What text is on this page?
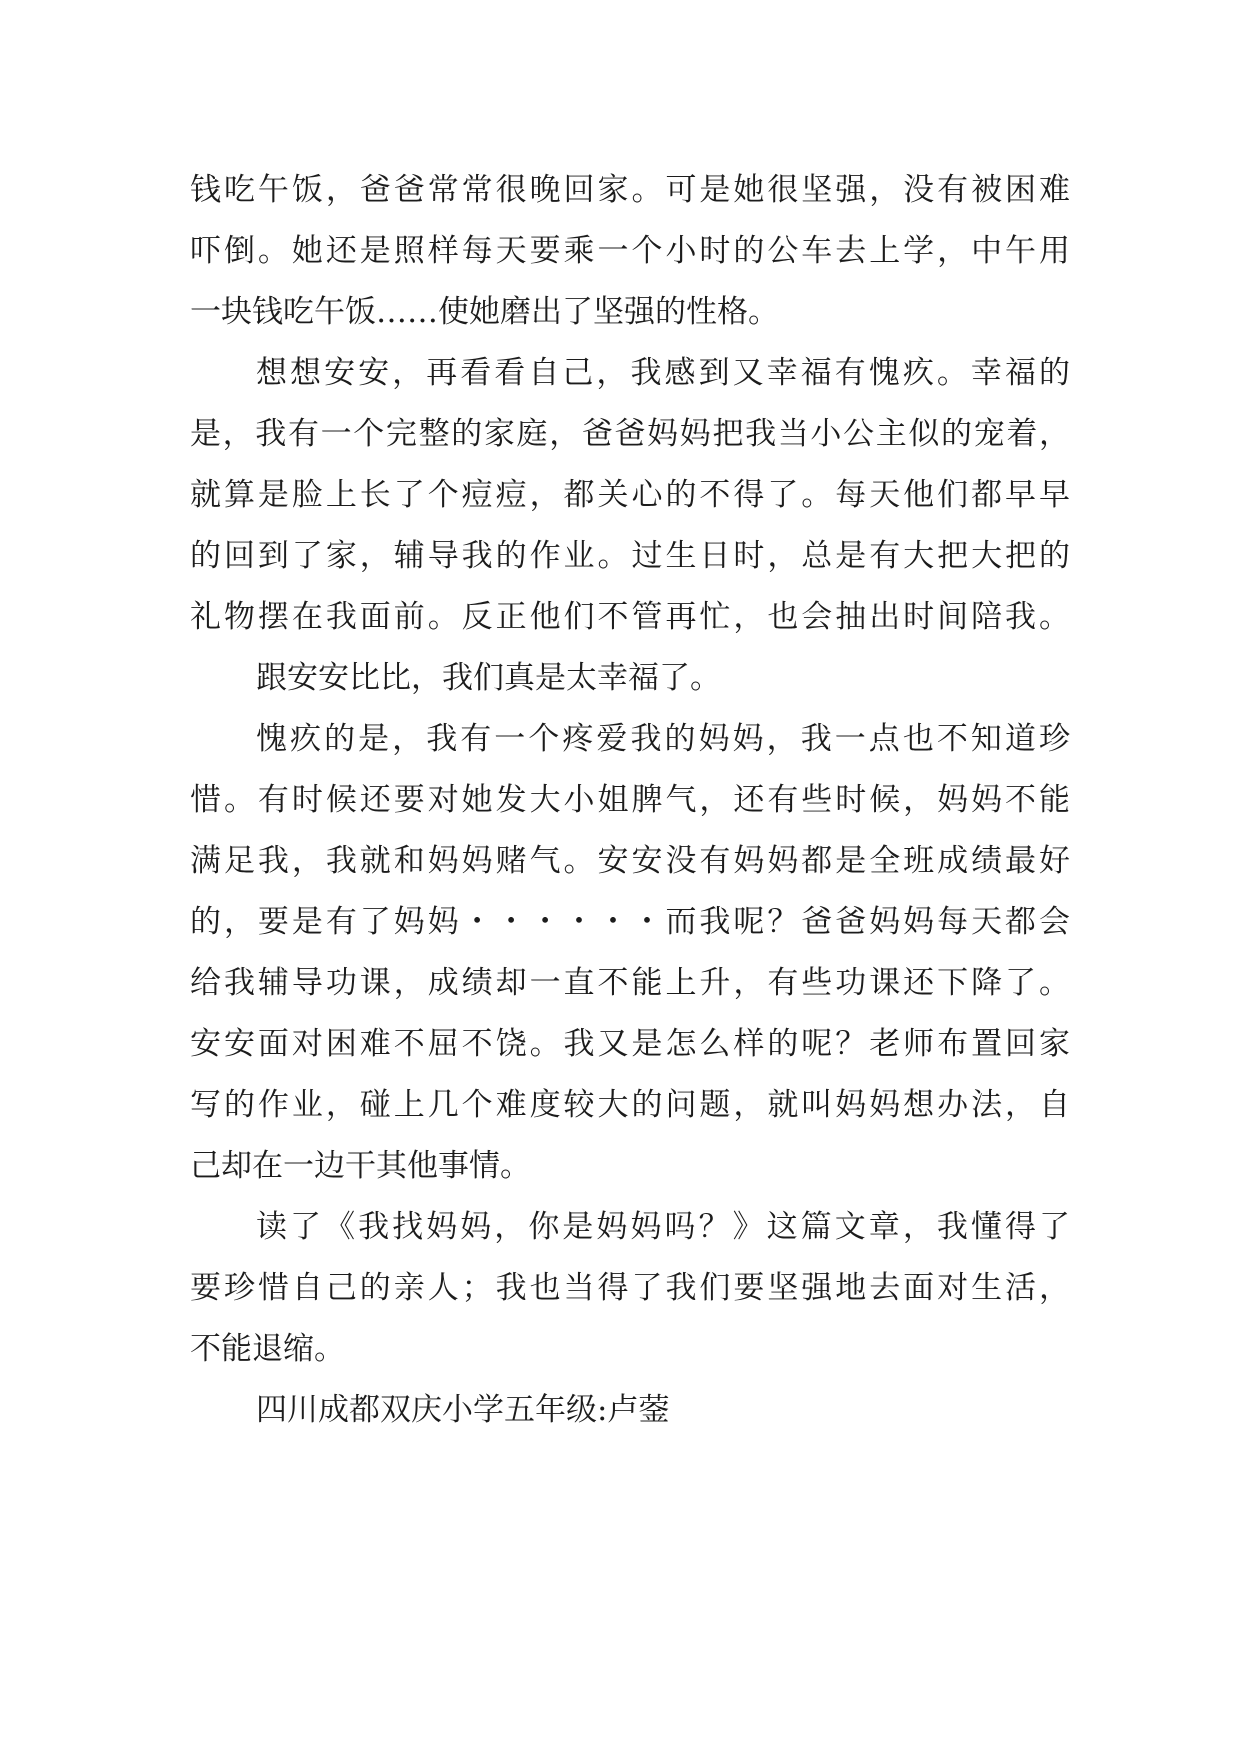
钱吃午饭，爸爸常常很晚回家。可是她很坚强，没有被困难
吓倒。她还是照样每天要乘一个小时的公车去上学，中午用
一块钱吃午饭……使她磨出了坚强的性格。
想想安安，再看看自己，我感到又幸福有愧疚。幸福的
是，我有一个完整的家庭，爸爸妈妈把我当小公主似的宠着，
就算是脸上长了个痘痘，都关心的不得了。每天他们都早早
的回到了家，辅导我的作业。过生日时，总是有大把大把的
礼物摆在我面前。反正他们不管再忙，也会抽出时间陪我。
跟安安比比，我们真是太幸福了。
愧疚的是，我有一个疼爱我的妈妈，我一点也不知道珍
惜。有时候还要对她发大小姐脾气，还有些时候，妈妈不能
满足我，我就和妈妈赌气。安安没有妈妈都是全班成绩最好
的，要是有了妈妈・・・・・・而我呢？爸爸妈妈每天都会
给我辅导功课，成绩却一直不能上升，有些功课还下降了。
安安面对困难不屈不饶。我又是怎么样的呢？老师布置回家
写的作业，碰上几个难度较大的问题，就叫妈妈想办法，自
己却在一边干其他事情。
读了《我找妈妈，你是妈妈吗？》这篇文章，我懂得了
要珍惜自己的亲人；我也当得了我们要坚强地去面对生活，
不能退缩。
四川成都双庆小学五年级:卢蓥
